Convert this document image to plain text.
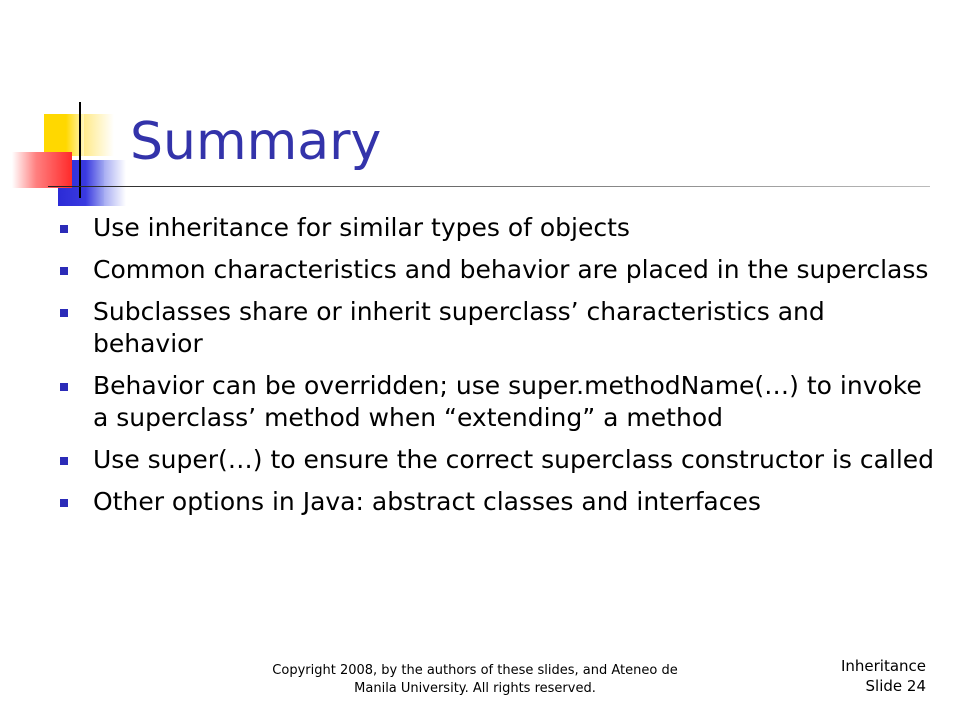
Summary
Use inheritance for similar types of objects
Common characteristics and behavior are placed in the superclass
Subclasses share or inherit superclass’ characteristics and behavior
Behavior can be overridden; use super.methodName(…) to invoke a superclass’ method when “extending” a method
Use super(…) to ensure the correct superclass constructor is called
Other options in Java: abstract classes and interfaces
Copyright 2008, by the authors of these slides, and Ateneo de Manila University. All rights reserved.
Inheritance
Slide 24
